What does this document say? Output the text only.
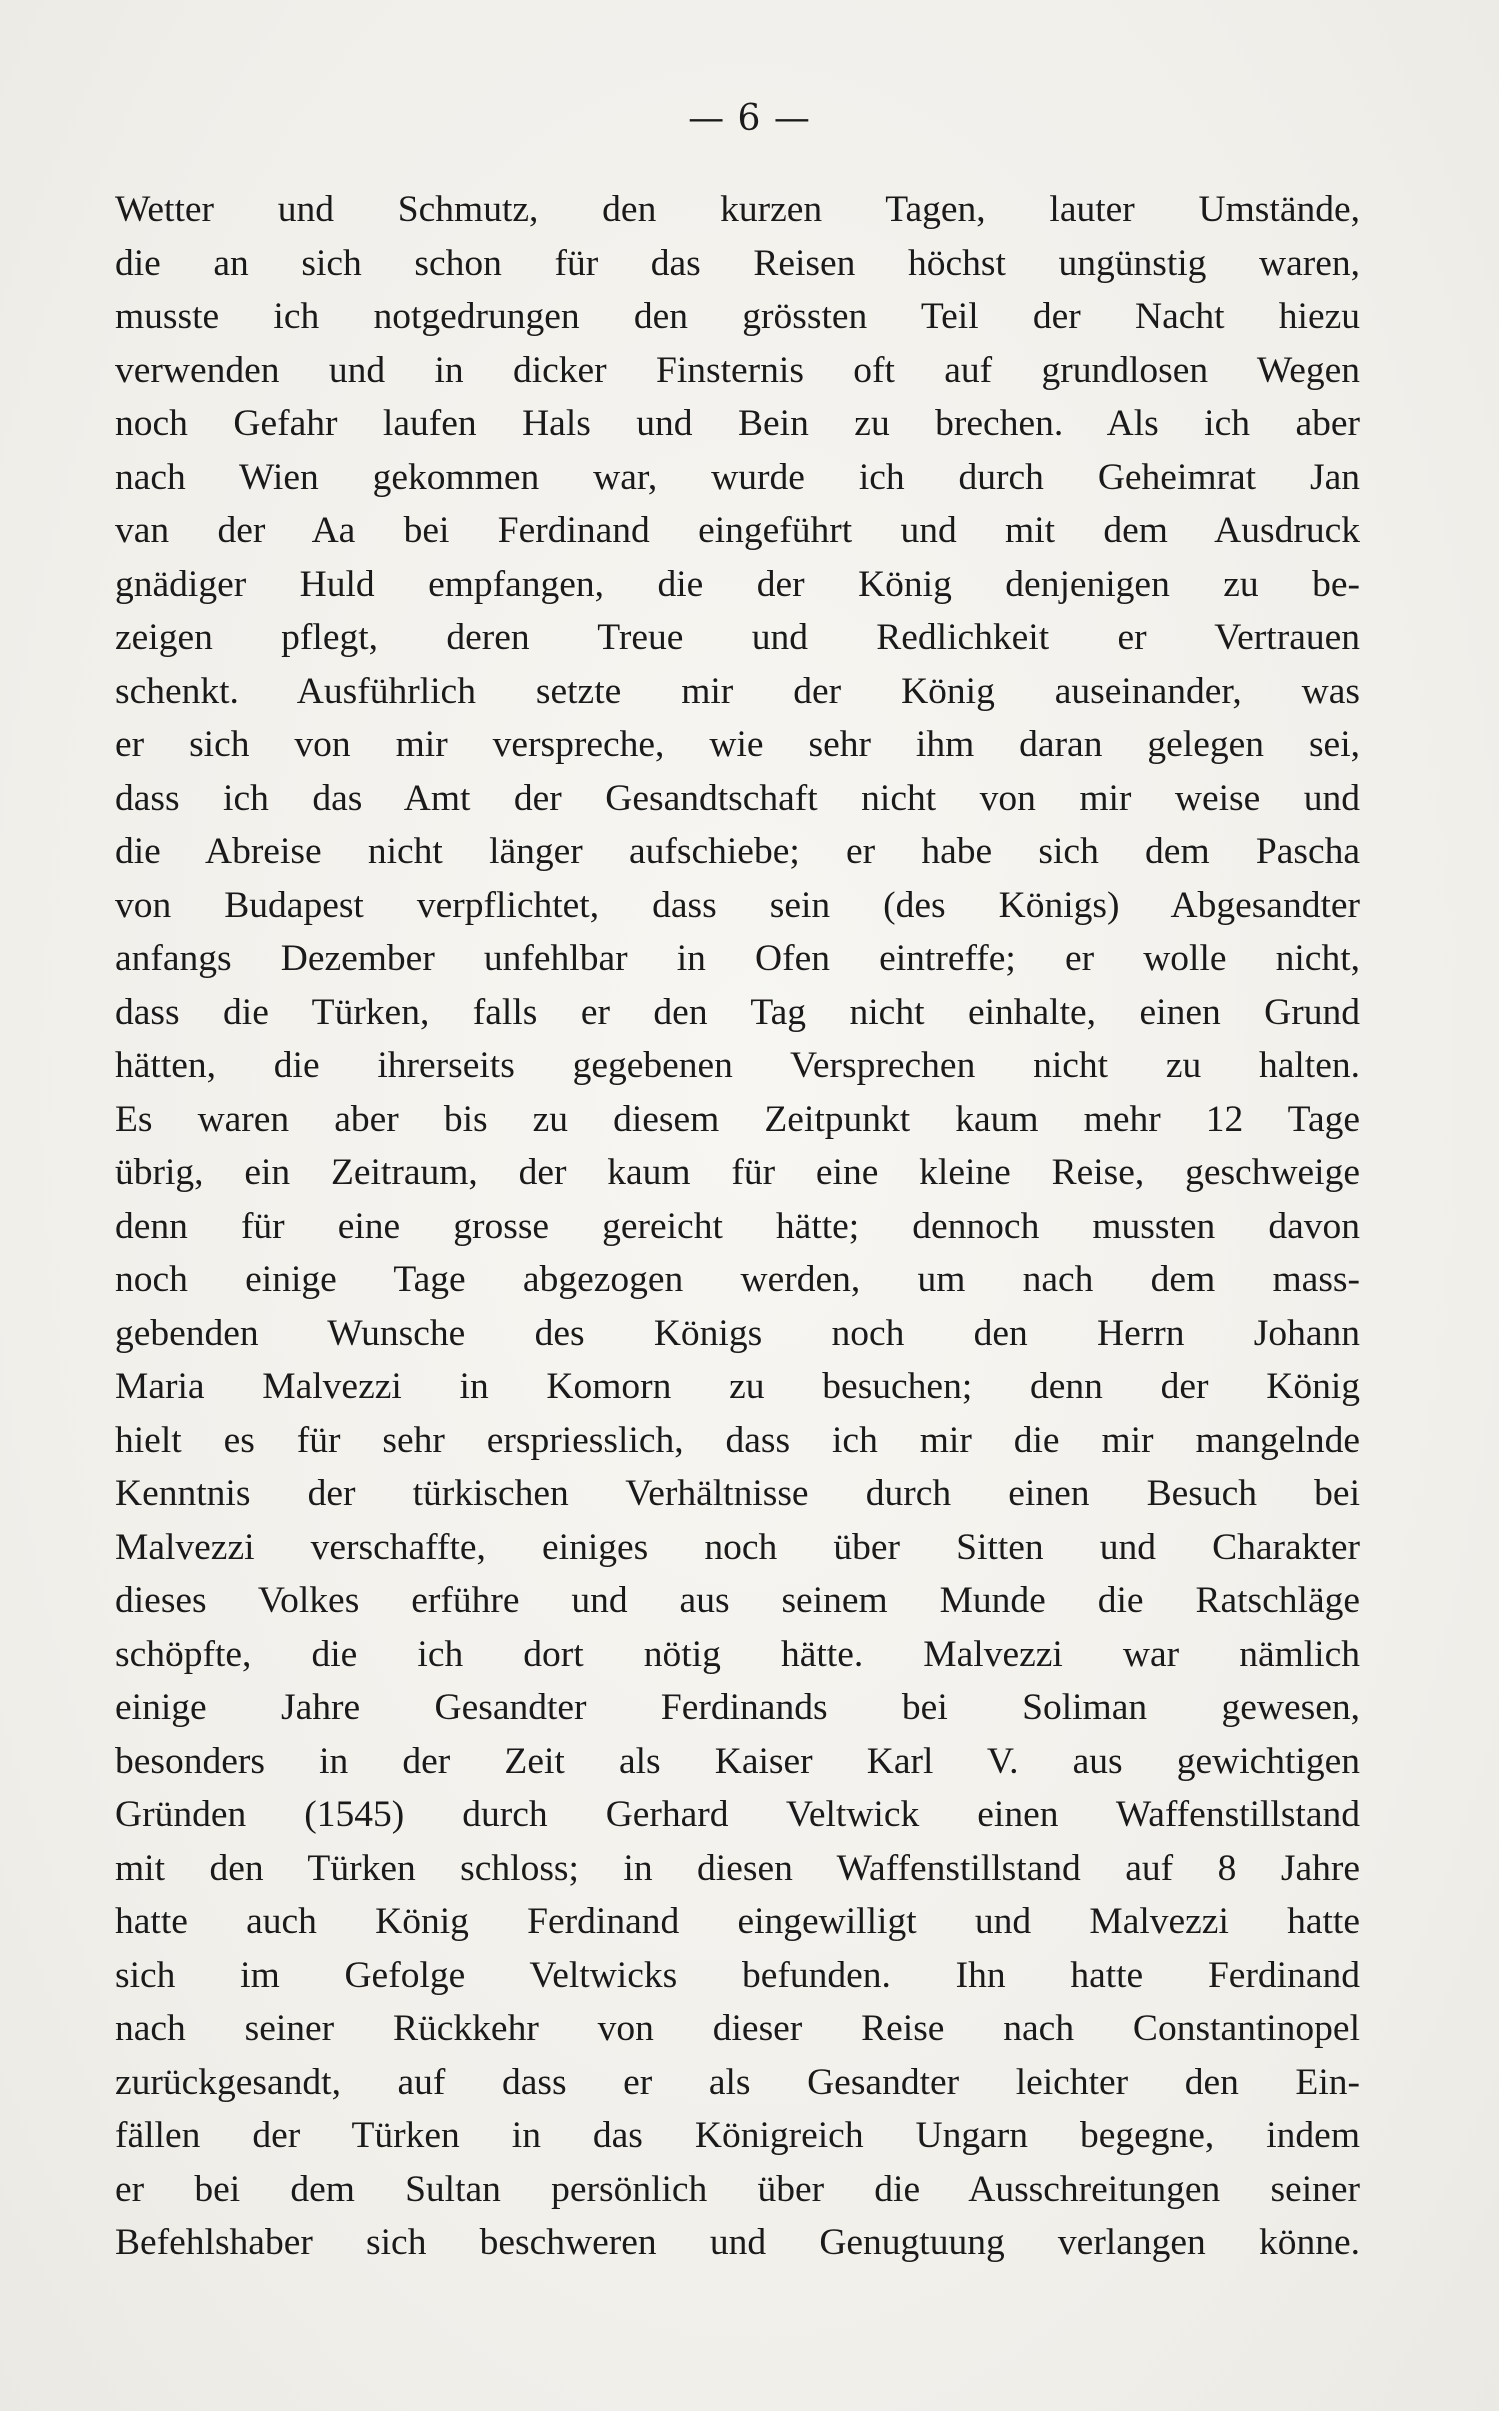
— 6 —
Wetter und Schmutz, den kurzen Tagen, lauter Umstände,
die an sich schon für das Reisen höchst ungünstig waren,
musste ich notgedrungen den grössten Teil der Nacht hiezu
verwenden und in dicker Finsternis oft auf grundlosen Wegen
noch Gefahr laufen Hals und Bein zu brechen. Als ich aber
nach Wien gekommen war, wurde ich durch Geheimrat Jan
van der Aa bei Ferdinand eingeführt und mit dem Ausdruck
gnädiger Huld empfangen, die der König denjenigen zu be-
zeigen pflegt, deren Treue und Redlichkeit er Vertrauen
schenkt. Ausführlich setzte mir der König auseinander, was
er sich von mir verspreche, wie sehr ihm daran gelegen sei,
dass ich das Amt der Gesandtschaft nicht von mir weise und
die Abreise nicht länger aufschiebe; er habe sich dem Pascha
von Budapest verpflichtet, dass sein (des Königs) Abgesandter
anfangs Dezember unfehlbar in Ofen eintreffe; er wolle nicht,
dass die Türken, falls er den Tag nicht einhalte, einen Grund
hätten, die ihrerseits gegebenen Versprechen nicht zu halten.
Es waren aber bis zu diesem Zeitpunkt kaum mehr 12 Tage
übrig, ein Zeitraum, der kaum für eine kleine Reise, geschweige
denn für eine grosse gereicht hätte; dennoch mussten davon
noch einige Tage abgezogen werden, um nach dem mass-
gebenden Wunsche des Königs noch den Herrn Johann
Maria Malvezzi in Komorn zu besuchen; denn der König
hielt es für sehr erspriesslich, dass ich mir die mir mangelnde
Kenntnis der türkischen Verhältnisse durch einen Besuch bei
Malvezzi verschaffte, einiges noch über Sitten und Charakter
dieses Volkes erführe und aus seinem Munde die Ratschläge
schöpfte, die ich dort nötig hätte. Malvezzi war nämlich
einige Jahre Gesandter Ferdinands bei Soliman gewesen,
besonders in der Zeit als Kaiser Karl V. aus gewichtigen
Gründen (1545) durch Gerhard Veltwick einen Waffenstillstand
mit den Türken schloss; in diesen Waffenstillstand auf 8 Jahre
hatte auch König Ferdinand eingewilligt und Malvezzi hatte
sich im Gefolge Veltwicks befunden. Ihn hatte Ferdinand
nach seiner Rückkehr von dieser Reise nach Constantinopel
zurückgesandt, auf dass er als Gesandter leichter den Ein-
fällen der Türken in das Königreich Ungarn begegne, indem
er bei dem Sultan persönlich über die Ausschreitungen seiner
Befehlshaber sich beschweren und Genugtuung verlangen könne.
